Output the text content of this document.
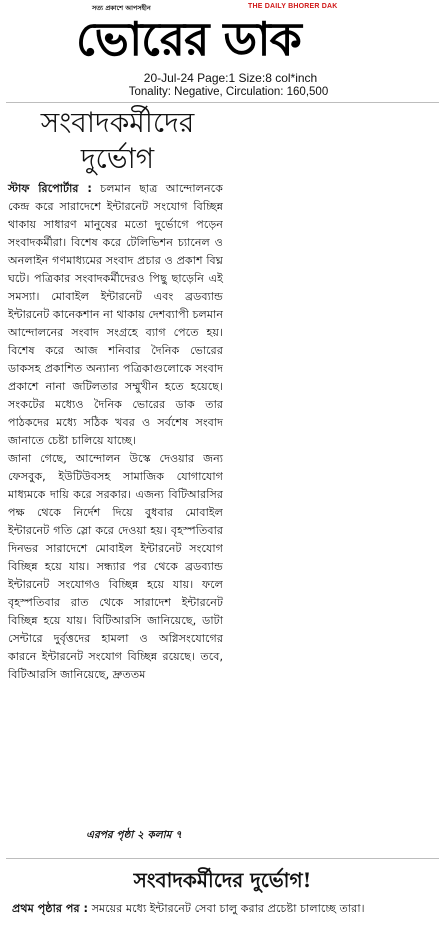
সত্য প্রকাশে আপসহীন	THE DAILY BHORER DAK
ভোরের ডাক
20-Jul-24 Page:1 Size:8 col*inch
Tonality: Negative, Circulation: 160,500
সংবাদকর্মীদের
দুর্ভোগ

স্টাফ রিপোর্টার : চলমান ছাত্র আন্দোলনকে কেন্দ্র করে সারাদেশে ইন্টারনেট সংযোগ বিচ্ছিন্ন থাকায় সাধারণ মানুষের মতো দুর্ভোগে পড়েন সংবাদকর্মীরা। বিশেষ করে টেলিভিশন চ্যানেল ও অনলাইন গণমাধ্যমের সংবাদ প্রচার ও প্রকাশ বিঘ্ন ঘটে। পত্রিকার সংবাদকর্মীদেরও পিছু ছাড়েনি এই সমস্যা। মোবাইল ইন্টারনেট এবং ব্রডব্যান্ড ইন্টারনেট কানেকশান না থাকায় দেশব্যাপী চলমান আন্দোলনের সংবাদ সংগ্রহে ব্যাগ পেতে হয়। বিশেষ করে আজ শনিবার দৈনিক ভোরের ডাকসহ প্রকাশিত অন্যান্য পত্রিকাগুলোকে সংবাদ প্রকাশে নানা জটিলতার সম্মুখীন হতে হয়েছে। সংকটের মধ্যেও দৈনিক ভোরের ডাক তার পাঠকদের মধ্যে সঠিক খবর ও সর্বশেষ সংবাদ জানাতে চেষ্টা চালিয়ে যাচ্ছে।

জানা গেছে, আন্দোলন উস্কে দেওয়ার জন্য ফেসবুক, ইউটিউবসহ সামাজিক যোগাযোগ মাধ্যমকে দায়ি করে সরকার। এজন্য বিটিআরসির পক্ষ থেকে নির্দেশ দিয়ে বুধবার মোবাইল ইন্টারনেট গতি স্লো করে দেওয়া হয়। বৃহস্পতিবার দিনভর সারাদেশে মোবাইল ইন্টারনেট সংযোগ বিচ্ছিন্ন হয়ে যায়। সন্ধ্যার পর থেকে ব্রডব্যান্ড ইন্টারনেট সংযোগও বিচ্ছিন্ন হয়ে যায়। ফলে বৃহস্পতিবার রাত থেকে সারাদেশ ইন্টারনেট বিচ্ছিন্ন হয়ে যায়। বিটিআরসি জানিয়েছে, ডাটা সেন্টারে দুর্বৃত্তদের হামলা ও অগ্নিসংযোগের কারনে ইন্টারনেট সংযোগ বিচ্ছিন্ন রয়েছে। তবে, বিটিআরসি জানিয়েছে, দ্রুততম

এরপর পৃষ্ঠা ২ কলাম ৭
সংবাদকর্মীদের দুর্ভোগ!
প্রথম পৃষ্ঠার পর : সময়ের মধ্যে ইন্টারনেট সেবা চালু করার প্রচেষ্টা চালাচ্ছে তারা।
